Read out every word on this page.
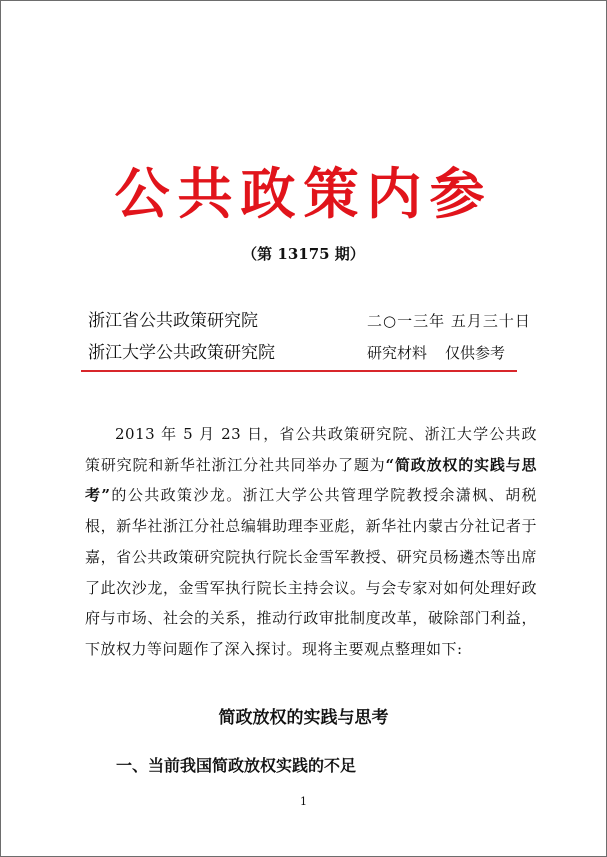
公共政策内参
（第 13175 期）
浙江省公共政策研究院
浙江大学公共政策研究院
二○一三年 五月三十日
研究材料 仅供参考

2013 年 5 月 23 日，省公共政策研究院、浙江大学公共政策研究院和新华社浙江分社共同举办了题为“简政放权的实践与思考”的公共政策沙龙。浙江大学公共管理学院教授余潇枫、胡税根，新华社浙江分社总编辑助理李亚彪，新华社内蒙古分社记者于嘉，省公共政策研究院执行院长金雪军教授、研究员杨遴杰等出席了此次沙龙，金雪军执行院长主持会议。与会专家对如何处理好政府与市场、社会的关系，推动行政审批制度改革，破除部门利益，下放权力等问题作了深入探讨。现将主要观点整理如下:

简政放权的实践与思考
一、当前我国简政放权实践的不足
1
